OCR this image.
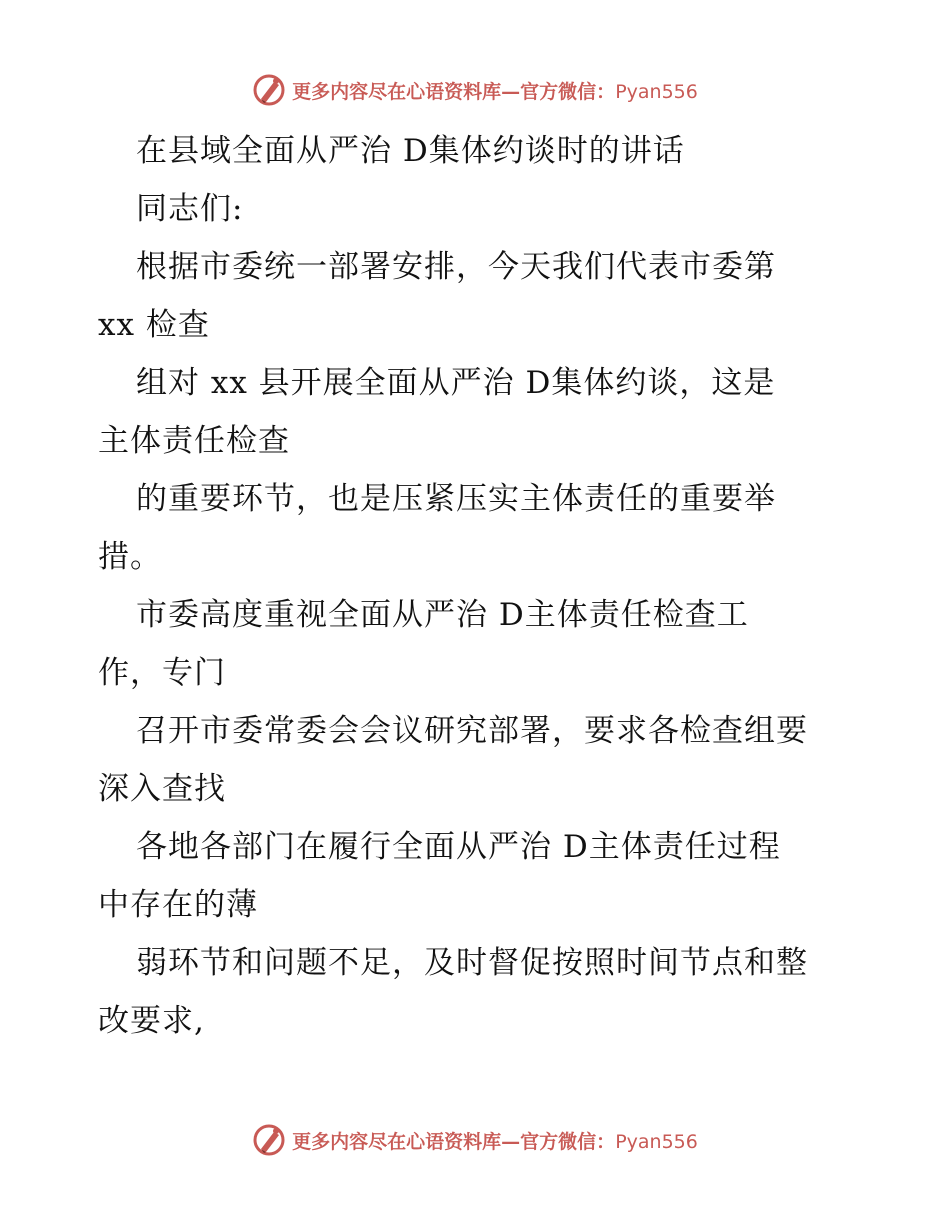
更多内容尽在心语资料库—官方微信：Pyan556
在县域全面从严治 D集体约谈时的讲话
同志们:
根据市委统一部署安排，今天我们代表市委第
xx 检查
组对 xx 县开展全面从严治 D集体约谈，这是
主体责任检查
的重要环节，也是压紧压实主体责任的重要举
措。
市委高度重视全面从严治 D主体责任检查工
作，专门
召开市委常委会会议研究部署，要求各检查组要
深入查找
各地各部门在履行全面从严治 D主体责任过程
中存在的薄
弱环节和问题不足，及时督促按照时间节点和整
改要求,
更多内容尽在心语资料库—官方微信：Pyan556
